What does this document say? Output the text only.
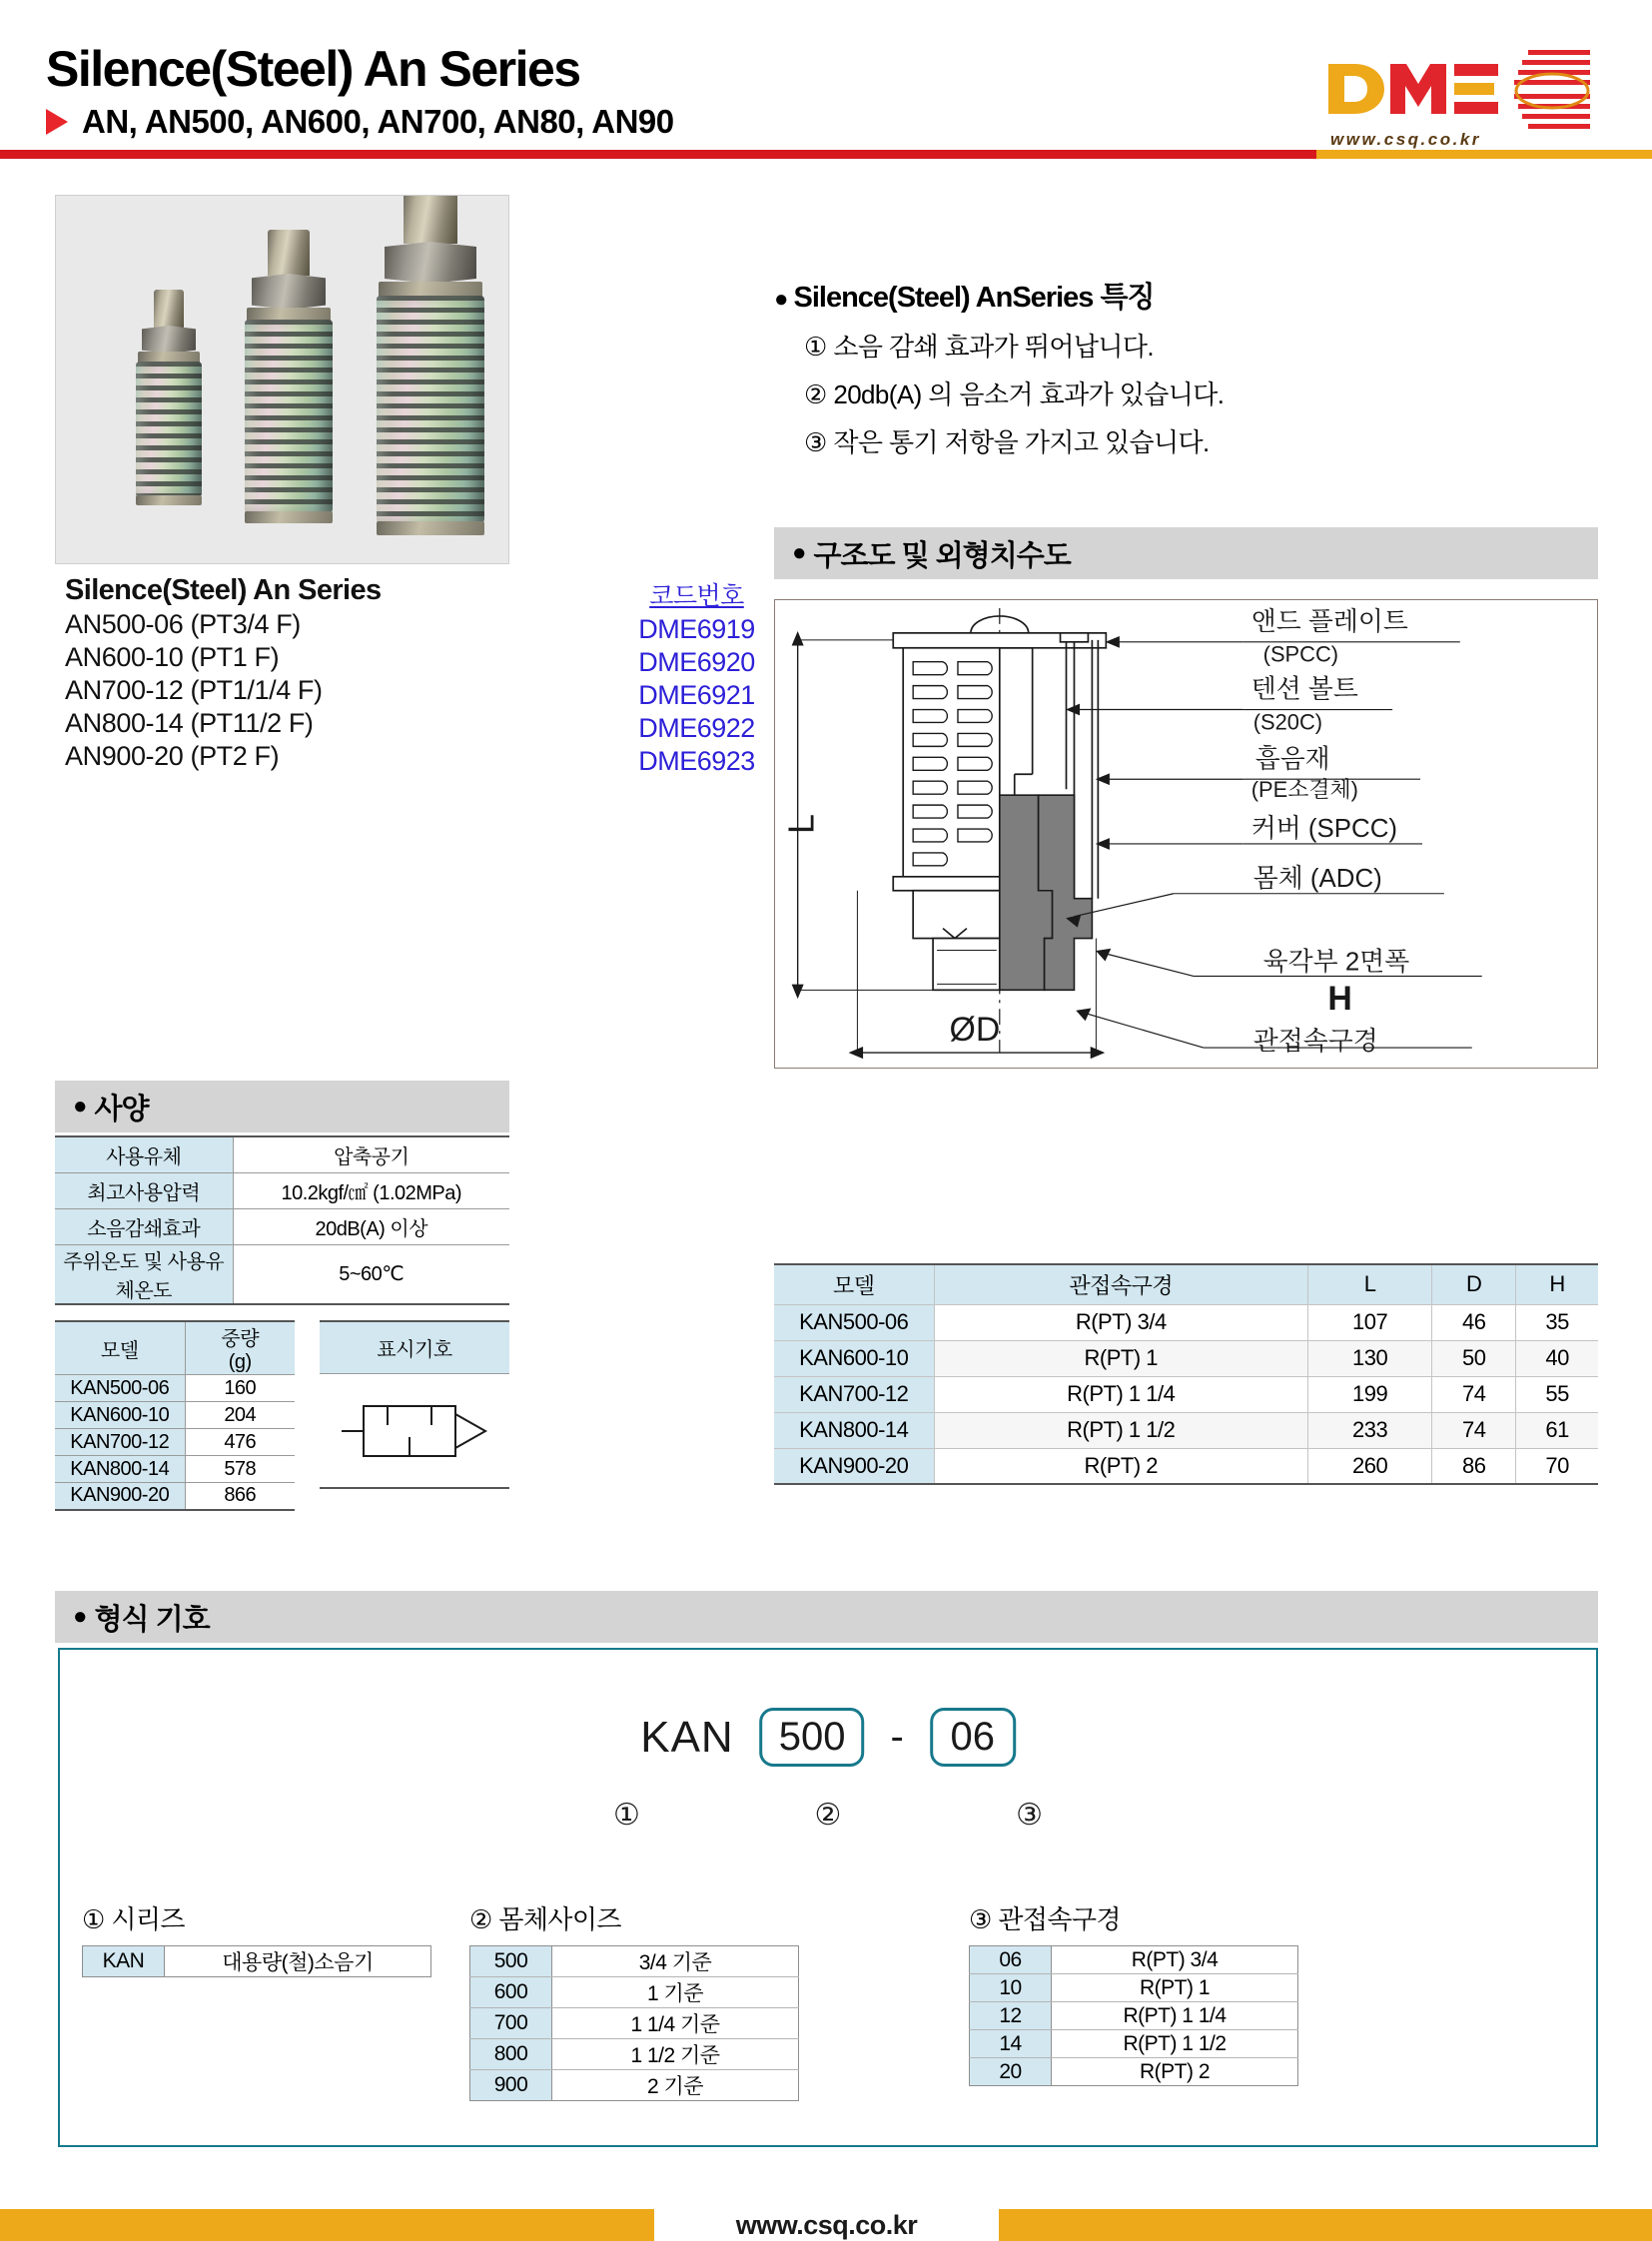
Silence(Steel) An Series
AN, AN500, AN600, AN700, AN80, AN90	www.csq.co.kr
Silence(Steel) An Series
AN500-06 (PT3/4 F)
AN600-10 (PT1 F)
AN700-12 (PT1/1/4 F)
AN800-14 (PT11/2 F)
AN900-20 (PT2 F)
코드번호
DME6919
DME6920
DME6921
DME6922
DME6923
● Silence(Steel) AnSeries 특징
① 소음 감쇄 효과가 뛰어납니다.
② 20db(A) 의 음소거 효과가 있습니다.
③ 작은 통기 저항을 가지고 있습니다.
● 구조도 및 외형치수도
L
ØD
앤드 플레이트
(SPCC)
텐션 볼트
(S20C)
흡음재
(PE소결체)
커버 (SPCC)
몸체 (ADC)
육각부 2면폭
H
관접속구경
● 사양
사용유체	압축공기
최고사용압력	10.2kgf/㎠ (1.02MPa)
소음감쇄효과	20dB(A) 이상
주위온도 및 사용유체온도	5~60℃
모델	중량
(g)
KAN500-06	160
KAN600-10	204
KAN700-12	476
KAN800-14	578
KAN900-20	866
표시기호
모델	관접속구경	L	D	H
KAN500-06	R(PT) 3/4	107	46	35
KAN600-10	R(PT) 1	130	50	40
KAN700-12	R(PT) 1 1/4	199	74	55
KAN800-14	R(PT) 1 1/2	233	74	61
KAN900-20	R(PT) 2	260	86	70
● 형식 기호
KAN	500	-	06
①	②	③
① 시리즈
KAN	대용량(철)소음기
② 몸체사이즈
500	3/4 기준
600	1 기준
700	1 1/4 기준
800	1 1/2 기준
900	2 기준
③ 관접속구경
06	R(PT) 3/4
10	R(PT) 1
12	R(PT) 1 1/4
14	R(PT) 1 1/2
20	R(PT) 2
www.csq.co.kr
